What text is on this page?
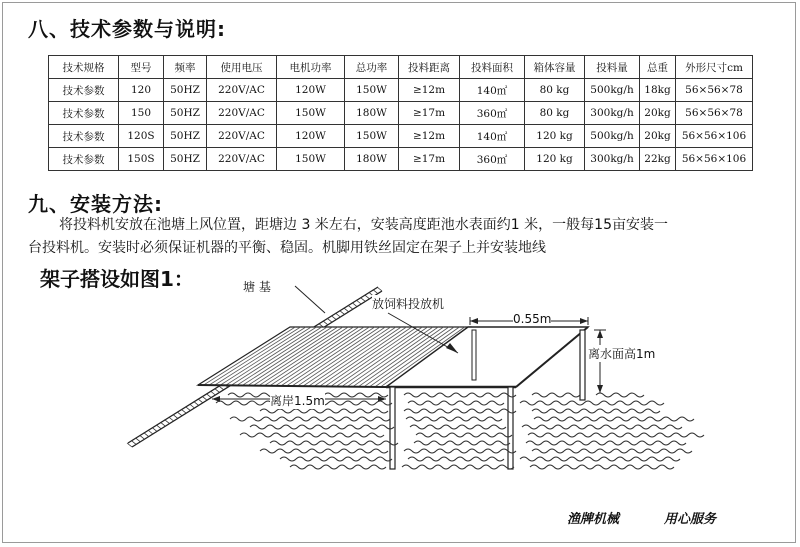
八、技术参数与说明:
技术规格	型号	频率	使用电压	电机功率	总功率	投料距离	投料面积	箱体容量	投料量	总重	外形尺寸cm
技术参数	120	50HZ	220V/AC	120W	150W	≥12m	140㎡	80 kg	500kg/h	18kg	56×56×78
技术参数	150	50HZ	220V/AC	150W	180W	≥17m	360㎡	80 kg	300kg/h	20kg	56×56×78
技术参数	120S	50HZ	220V/AC	120W	150W	≥12m	140㎡	120 kg	500kg/h	20kg	56×56×106
技术参数	150S	50HZ	220V/AC	150W	180W	≥17m	360㎡	120 kg	300kg/h	22kg	56×56×106
九、安装方法:

将投料机安放在池塘上风位置，距塘边 3 米左右，安装高度距池水表面约1 米，一般每15亩安装一

台投料机。安装时必须保证机器的平衡、稳固。机脚用铁丝固定在架子上并安装地线

架子搭设如图1：	塘 基
放饲料投放机
0.55m
离水面高1m
离岸1.5m
渔牌机械	用心服务
